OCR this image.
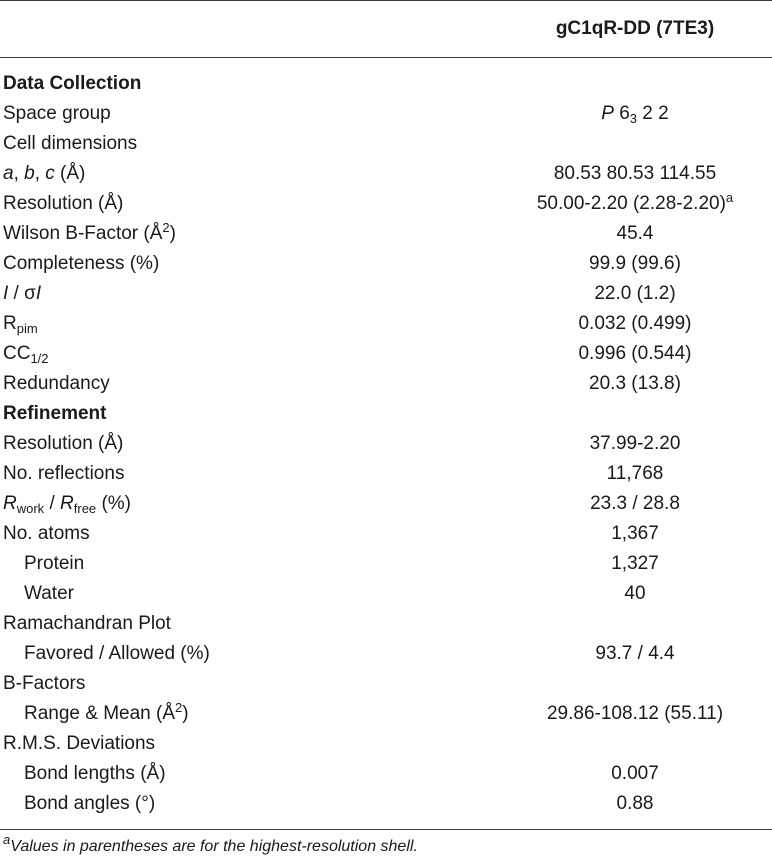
gC1qR-DD (7TE3)
Data Collection
Space group	P $6_3$ 2 2
Cell dimensions
a, b, c (Å)	80.53 80.53 114.55
Resolution (Å)	50.00-2.20 $(2.28-2.20)^a$
Wilson B-Factor $(Å^2)$	45.4
Completeness (%)	99.9 (99.6)
I / σI	22.0 (1.2)
$R_{pim}$	0.032 (0.499)
$CC_{1/2}$	0.996 (0.544)
Redundancy	20.3 (13.8)
Refinement
Resolution (Å)	37.99-2.20
No. reflections	11,768
$R_{work} / R_{free}$ (%)	23.3 / 28.8
No. atoms	1,367
Protein	1,327
Water	40
Ramachandran Plot
Favored / Allowed (%)	93.7 / 4.4
B-Factors
Range & Mean $(Å^2)$	29.86-108.12 (55.11)
R.M.S. Deviations
Bond lengths (Å)	0.007
Bond angles (°)	0.88
$^a$Values in parentheses are for the highest-resolution shell.
